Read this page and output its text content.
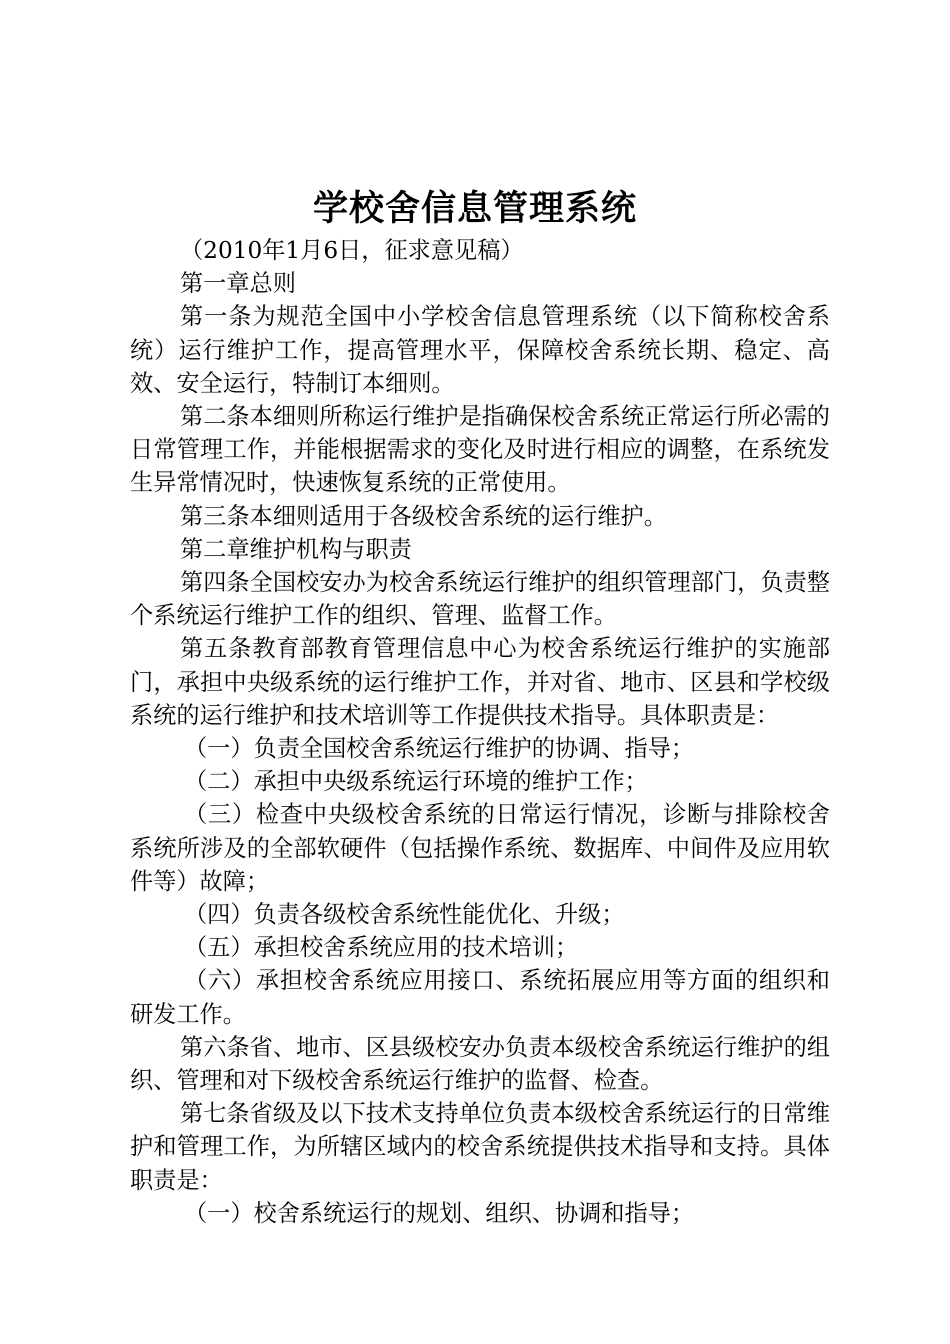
学校舍信息管理系统

（2010年1月6日，征求意见稿）

第一章总则

第一条为规范全国中小学校舍信息管理系统（以下简称校舍系统）运行维护工作，提高管理水平，保障校舍系统长期、稳定、高效、安全运行，特制订本细则。

第二条本细则所称运行维护是指确保校舍系统正常运行所必需的日常管理工作，并能根据需求的变化及时进行相应的调整，在系统发生异常情况时，快速恢复系统的正常使用。

第三条本细则适用于各级校舍系统的运行维护。

第二章维护机构与职责

第四条全国校安办为校舍系统运行维护的组织管理部门，负责整个系统运行维护工作的组织、管理、监督工作。

第五条教育部教育管理信息中心为校舍系统运行维护的实施部门，承担中央级系统的运行维护工作，并对省、地市、区县和学校级系统的运行维护和技术培训等工作提供技术指导。具体职责是：

（一）负责全国校舍系统运行维护的协调、指导；

（二）承担中央级系统运行环境的维护工作；

（三）检查中央级校舍系统的日常运行情况，诊断与排除校舍系统所涉及的全部软硬件（包括操作系统、数据库、中间件及应用软件等）故障；

（四）负责各级校舍系统性能优化、升级；

（五）承担校舍系统应用的技术培训；

（六）承担校舍系统应用接口、系统拓展应用等方面的组织和研发工作。

第六条省、地市、区县级校安办负责本级校舍系统运行维护的组织、管理和对下级校舍系统运行维护的监督、检查。

第七条省级及以下技术支持单位负责本级校舍系统运行的日常维护和管理工作，为所辖区域内的校舍系统提供技术指导和支持。具体职责是：

（一）校舍系统运行的规划、组织、协调和指导；
